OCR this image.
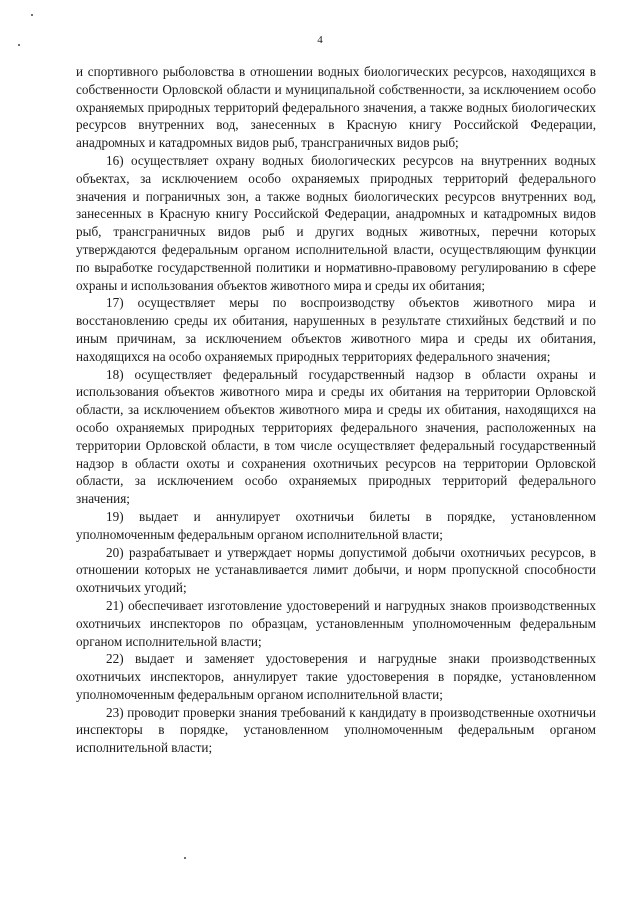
4

и спортивного рыболовства в отношении водных биологических ресурсов, находящихся в собственности Орловской области и муниципальной собственности, за исключением особо охраняемых природных территорий федерального значения, а также водных биологических ресурсов внутренних вод, занесенных в Красную книгу Российской Федерации, анадромных и катадромных видов рыб, трансграничных видов рыб;

16) осуществляет охрану водных биологических ресурсов на внутренних водных объектах, за исключением особо охраняемых природных территорий федерального значения и пограничных зон, а также водных биологических ресурсов внутренних вод, занесенных в Красную книгу Российской Федерации, анадромных и катадромных видов рыб, трансграничных видов рыб и других водных животных, перечни которых утверждаются федеральным органом исполнительной власти, осуществляющим функции по выработке государственной политики и нормативно-правовому регулированию в сфере охраны и использования объектов животного мира и среды их обитания;

17) осуществляет меры по воспроизводству объектов животного мира и восстановлению среды их обитания, нарушенных в результате стихийных бедствий и по иным причинам, за исключением объектов животного мира и среды их обитания, находящихся на особо охраняемых природных территориях федерального значения;

18) осуществляет федеральный государственный надзор в области охраны и использования объектов животного мира и среды их обитания на территории Орловской области, за исключением объектов животного мира и среды их обитания, находящихся на особо охраняемых природных территориях федерального значения, расположенных на территории Орловской области, в том числе осуществляет федеральный государственный надзор в области охоты и сохранения охотничьих ресурсов на территории Орловской области, за исключением особо охраняемых природных территорий федерального значения;

19) выдает и аннулирует охотничьи билеты в порядке, установленном уполномоченным федеральным органом исполнительной власти;

20) разрабатывает и утверждает нормы допустимой добычи охотничьих ресурсов, в отношении которых не устанавливается лимит добычи, и норм пропускной способности охотничьих угодий;

21) обеспечивает изготовление удостоверений и нагрудных знаков производственных охотничьих инспекторов по образцам, установленным уполномоченным федеральным органом исполнительной власти;

22) выдает и заменяет удостоверения и нагрудные знаки производственных охотничьих инспекторов, аннулирует такие удостоверения в порядке, установленном уполномоченным федеральным органом исполнительной власти;

23) проводит проверки знания требований к кандидату в производственные охотничьи инспекторы в порядке, установленном уполномоченным федеральным органом исполнительной власти;
